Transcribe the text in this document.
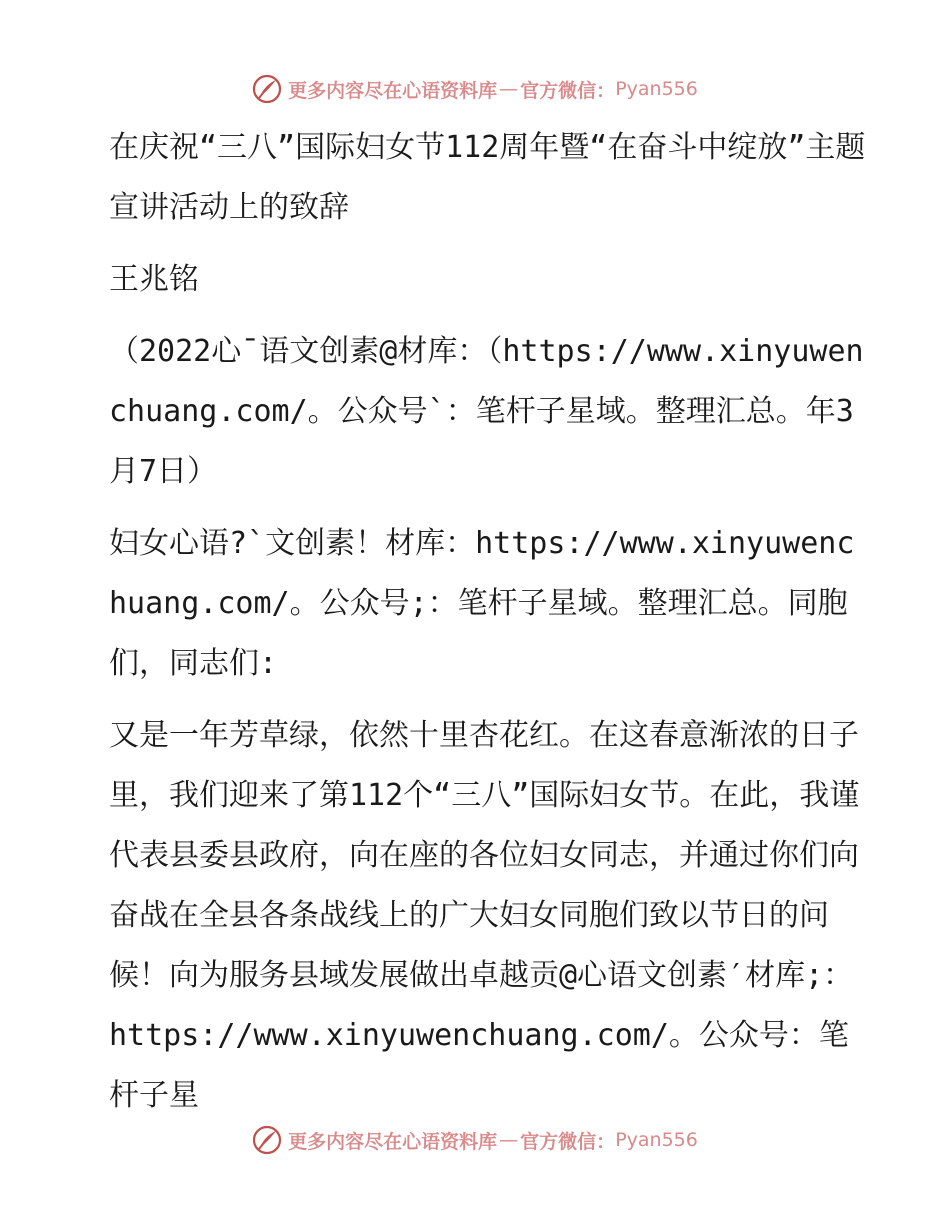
更多内容尽在心语资料库 — 官方微信： Pyan556

在庆祝“三八”国际妇女节112周年暨“在奋斗中绽放”主题宣讲活动上的致辞

王兆铭

（2022心¯语文创素@材库：（https://www.xinyuwenchuang.com/。公众号`：笔杆子星域。整理汇总。年3月7日）

妇女心语?`文创素！材库：https://www.xinyuwenchuang.com/。公众号;：笔杆子星域。整理汇总。同胞们，同志们:

又是一年芳草绿，依然十里杏花红。在这春意渐浓的日子里，我们迎来了第112个“三八”国际妇女节。在此，我谨代表县委县政府，向在座的各位妇女同志，并通过你们向奋战在全县各条战线上的广大妇女同胞们致以节日的问候！向为服务县域发展做出卓越贡@心语文创素′材库;：https://www.xinyuwenchuang.com/。公众号：笔杆子星

更多内容尽在心语资料库 — 官方微信： Pyan556
